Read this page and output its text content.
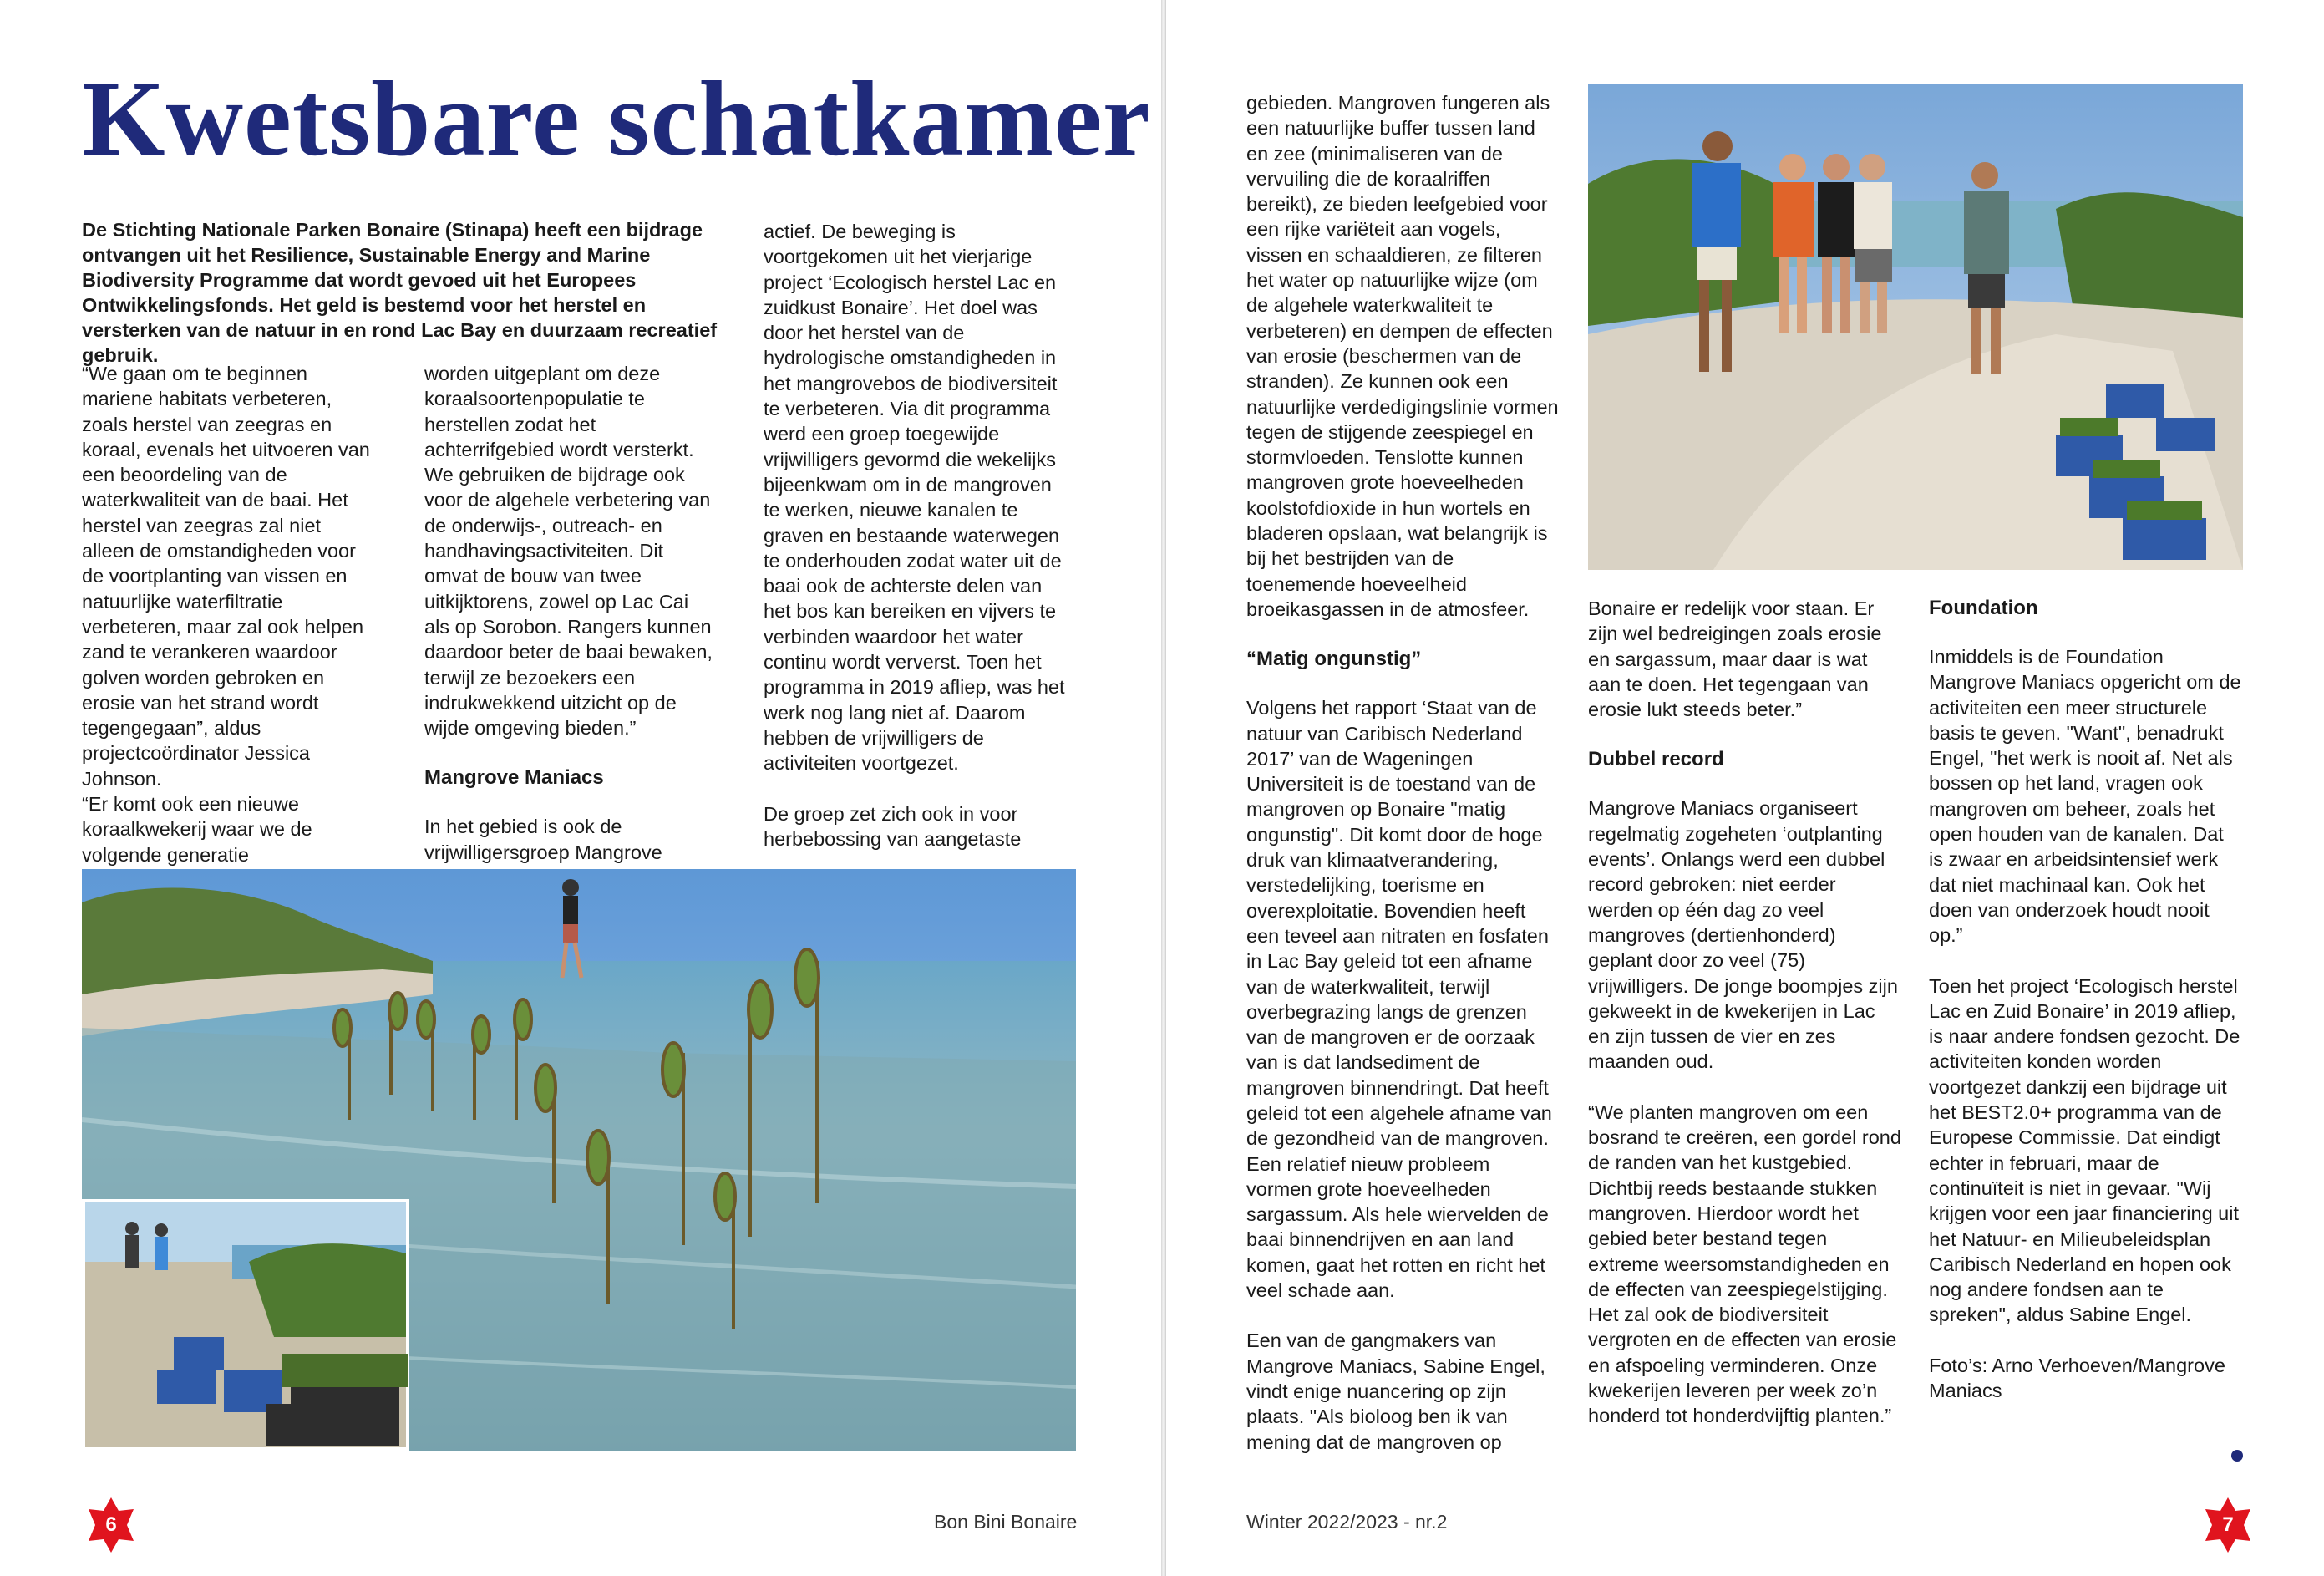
Kwetsbare schatkamer

De Stichting Nationale Parken Bonaire (Stinapa) heeft een bijdrage ontvangen uit het Resilience, Sustainable Energy and Marine Biodiversity Programme dat wordt gevoed uit het Europees Ontwikkelingsfonds. Het geld is bestemd voor het herstel en versterken van de natuur in en rond Lac Bay en duurzaam recreatief gebruik.

“We gaan om te beginnen mariene habitats verbeteren, zoals herstel van zeegras en koraal, evenals het uitvoeren van een beoordeling van de waterkwaliteit van de baai. Het herstel van zeegras zal niet alleen de omstandigheden voor de voortplanting van vissen en natuurlijke waterfiltratie verbeteren, maar zal ook helpen zand te verankeren waardoor golven worden gebroken en erosie van het strand wordt tegengegaan”, aldus projectcoördinator Jessica Johnson.

“Er komt ook een nieuwe koraalkwekerij waar we de volgende generatie

worden uitgeplant om deze koraalsoortenpopulatie te herstellen zodat het achterrifgebied wordt versterkt. We gebruiken de bijdrage ook voor de algehele verbetering van de onderwijs-, outreach- en handhavingsactiviteiten. Dit omvat de bouw van twee uitkijktorens, zowel op Lac Cai als op Sorobon. Rangers kunnen daardoor beter de baai bewaken, terwijl ze bezoekers een indrukwekkend uitzicht op de wijde omgeving bieden.”

Mangrove Maniacs

In het gebied is ook de vrijwilligersgroep Mangrove

actief. De beweging is voortgekomen uit het vierjarige project ‘Ecologisch herstel Lac en zuidkust Bonaire’. Het doel was door het herstel van de hydrologische omstandigheden in het mangrovebos de biodiversiteit te verbeteren. Via dit programma werd een groep toegewijde vrijwilligers gevormd die wekelijks bijeenkwam om in de mangroven te werken, nieuwe kanalen te graven en bestaande waterwegen te onderhouden zodat water uit de baai ook de achterste delen van het bos kan bereiken en vijvers te verbinden waardoor het water continu wordt ververst. Toen het programma in 2019 afliep, was het werk nog lang niet af. Daarom hebben de vrijwilligers de activiteiten voortgezet.

De groep zet zich ook in voor herbebossing van aangetaste

6	Bon Bini Bonaire

gebieden. Mangroven fungeren als een natuurlijke buffer tussen land en zee (minimaliseren van de vervuiling die de koraalriffen bereikt), ze bieden leefgebied voor een rijke variëteit aan vogels, vissen en schaaldieren, ze filteren het water op natuurlijke wijze (om de algehele waterkwaliteit te verbeteren) en dempen de effecten van erosie (beschermen van de stranden). Ze kunnen ook een natuurlijke verdedigingslinie vormen tegen de stijgende zeespiegel en stormvloeden. Tenslotte kunnen mangroven grote hoeveelheden koolstofdioxide in hun wortels en bladeren opslaan, wat belangrijk is bij het bestrijden van de toenemende hoeveelheid broeikasgassen in de atmosfeer.

“Matig ongunstig”

Volgens het rapport ‘Staat van de natuur van Caribisch Nederland 2017’ van de Wageningen Universiteit is de toestand van de mangroven op Bonaire "matig ongunstig". Dit komt door de hoge druk van klimaatverandering, verstedelijking, toerisme en overexploitatie. Bovendien heeft een teveel aan nitraten en fosfaten in Lac Bay geleid tot een afname van de waterkwaliteit, terwijl overbegrazing langs de grenzen van de mangroven er de oorzaak van is dat landsediment de mangroven binnendringt. Dat heeft geleid tot een algehele afname van de gezondheid van de mangroven. Een relatief nieuw probleem vormen grote hoeveelheden sargassum. Als hele wiervelden de baai binnendrijven en aan land komen, gaat het rotten en richt het veel schade aan.

Een van de gangmakers van Mangrove Maniacs, Sabine Engel, vindt enige nuancering op zijn plaats. "Als bioloog ben ik van mening dat de mangroven op

Bonaire er redelijk voor staan. Er zijn wel bedreigingen zoals erosie en sargassum, maar daar is wat aan te doen. Het tegengaan van erosie lukt steeds beter.”

Dubbel record

Mangrove Maniacs organiseert regelmatig zogeheten ‘outplanting events’. Onlangs werd een dubbel record gebroken: niet eerder werden op één dag zo veel mangroves (dertienhonderd) geplant door zo veel (75) vrijwilligers. De jonge boompjes zijn gekweekt in de kwekerijen in Lac en zijn tussen de vier en zes maanden oud.

“We planten mangroven om een bosrand te creëren, een gordel rond de randen van het kustgebied. Dichtbij reeds bestaande stukken mangroven. Hierdoor wordt het gebied beter bestand tegen extreme weersomstandigheden en de effecten van zeespiegelstijging. Het zal ook de biodiversiteit vergroten en de effecten van erosie en afspoeling verminderen. Onze kwekerijen leveren per week zo’n honderd tot honderdvijftig planten.”

Foundation

Inmiddels is de Foundation Mangrove Maniacs opgericht om de activiteiten een meer structurele basis te geven. "Want", benadrukt Engel, "het werk is nooit af. Net als bossen op het land, vragen ook mangroven om beheer, zoals het open houden van de kanalen. Dat is zwaar en arbeidsintensief werk dat niet machinaal kan. Ook het doen van onderzoek houdt nooit op.”

Toen het project ‘Ecologisch herstel Lac en Zuid Bonaire’ in 2019 afliep, is naar andere fondsen gezocht. De activiteiten konden worden voortgezet dankzij een bijdrage uit het BEST2.0+ programma van de Europese Commissie. Dat eindigt echter in februari, maar de continuïteit is niet in gevaar. "Wij krijgen voor een jaar financiering uit het Natuur- en Milieubeleidsplan Caribisch Nederland en hopen ook nog andere fondsen aan te spreken", aldus Sabine Engel.

Foto’s: Arno Verhoeven/Mangrove Maniacs

Winter 2022/2023 - nr.2	7
